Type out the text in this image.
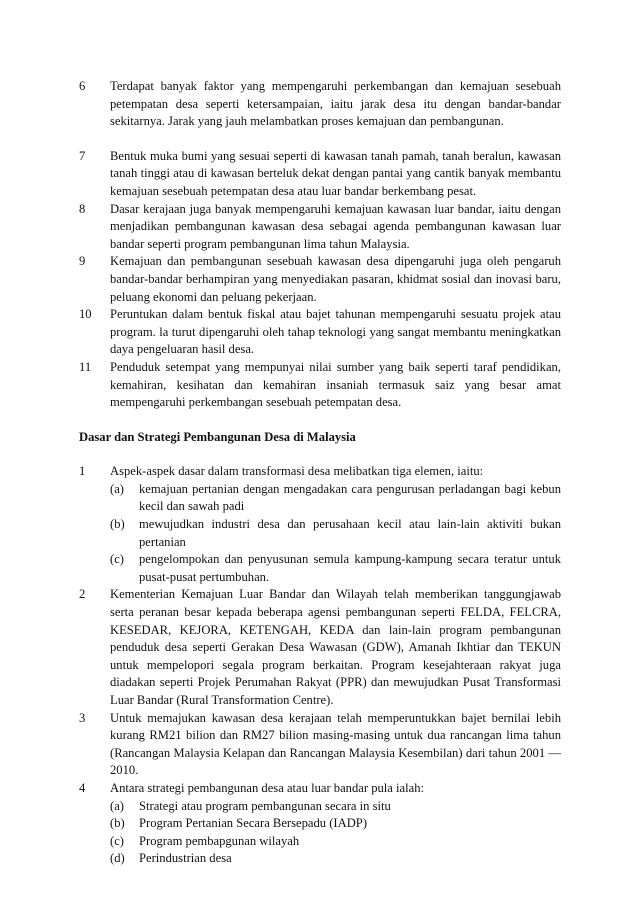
6	Terdapat banyak faktor yang mempengaruhi perkembangan dan kemajuan sesebuah petempatan desa seperti ketersampaian, iaitu jarak desa itu dengan bandar-bandar sekitarnya. Jarak yang jauh melambatkan proses kemajuan dan pembangunan.

7	Bentuk muka bumi yang sesuai seperti di kawasan tanah pamah, tanah beralun, kawasan tanah tinggi atau di kawasan berteluk dekat dengan pantai yang cantik banyak membantu kemajuan sesebuah petempatan desa atau luar bandar berkembang pesat.

8	Dasar kerajaan juga banyak mempengaruhi kemajuan kawasan luar bandar, iaitu dengan menjadikan pembangunan kawasan desa sebagai agenda pembangunan kawasan luar bandar seperti program pembangunan lima tahun Malaysia.

9	Kemajuan dan pembangunan sesebuah kawasan desa dipengaruhi juga oleh pengaruh bandar-bandar berhampiran yang menyediakan pasaran, khidmat sosial dan inovasi baru, peluang ekonomi dan peluang pekerjaan.

10	Peruntukan dalam bentuk fiskal atau bajet tahunan mempengaruhi sesuatu projek atau program. la turut dipengaruhi oleh tahap teknologi yang sangat membantu meningkatkan daya pengeluaran hasil desa.

11	Penduduk setempat yang mempunyai nilai sumber yang baik seperti taraf pendidikan, kemahiran, kesihatan dan kemahiran insaniah termasuk saiz yang besar amat mempengaruhi perkembangan sesebuah petempatan desa.

Dasar dan Strategi Pembangunan Desa di Malaysia
1	Aspek-aspek dasar dalam transformasi desa melibatkan tiga elemen, iaitu:

(a)	kemajuan pertanian dengan mengadakan cara pengurusan perladangan bagi kebun kecil dan sawah padi
(b)	mewujudkan industri desa dan perusahaan kecil atau lain-lain aktiviti bukan pertanian
(c)	pengelompokan dan penyusunan semula kampung-kampung secara teratur untuk pusat-pusat pertumbuhan.
2	Kementerian Kemajuan Luar Bandar dan Wilayah telah memberikan tanggungjawab serta peranan besar kepada beberapa agensi pembangunan seperti FELDA, FELCRA, KESEDAR, KEJORA, KETENGAH, KEDA dan lain-lain program pembangunan penduduk desa seperti Gerakan Desa Wawasan (GDW), Amanah Ikhtiar dan TEKUN untuk mempelopori segala program berkaitan. Program kesejahteraan rakyat juga diadakan seperti Projek Perumahan Rakyat (PPR) dan mewujudkan Pusat Transformasi Luar Bandar (Rural Transformation Centre).

3	Untuk memajukan kawasan desa kerajaan telah memperuntukkan bajet bernilai lebih kurang RM21 bilion dan RM27 bilion masing-masing untuk dua rancangan lima tahun (Rancangan Malaysia Kelapan dan Rancangan Malaysia Kesembilan) dari tahun 2001 — 2010.

4	Antara strategi pembangunan desa atau luar bandar pula ialah:

(a)	Strategi atau program pembangunan secara in situ
(b)	Program Pertanian Secara Bersepadu (IADP)
(c)	Program pembapgunan wilayah
(d)	Perindustrian desa
